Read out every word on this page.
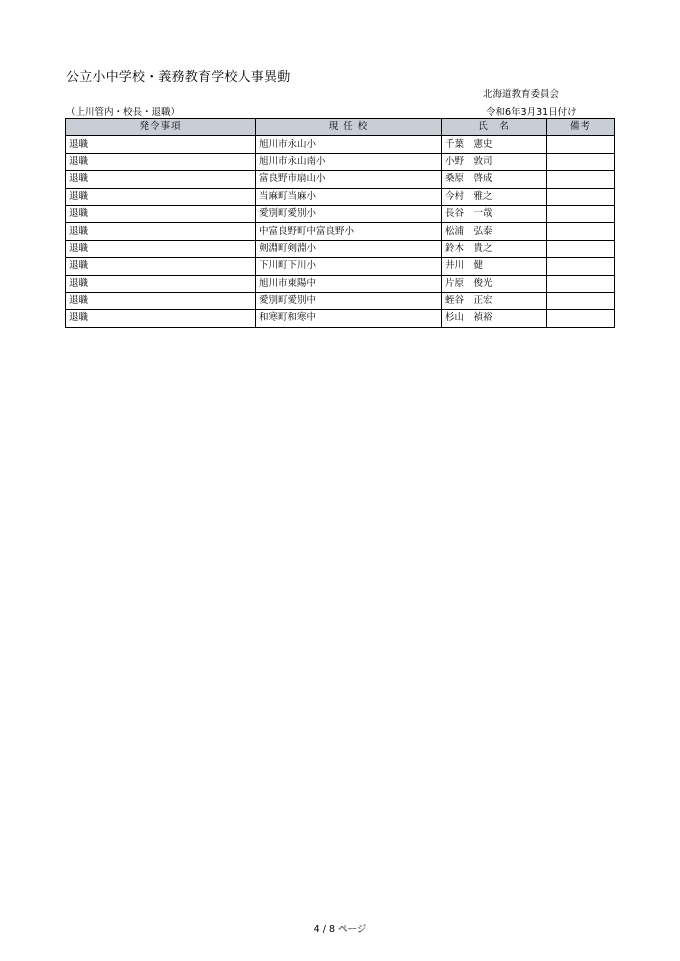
公立小中学校・義務教育学校人事異動
北海道教育委員会
（上川管内・校長・退職）	令和6年3月31日付け
発令事項	現 任 校	氏　名	備考
退職	旭川市永山小	千葉　憲史	
退職	旭川市永山南小	小野　敦司	
退職	富良野市扇山小	桑原　啓成	
退職	当麻町当麻小	今村　雅之	
退職	愛別町愛別小	長谷　一哉	
退職	中富良野町中富良野小	松浦　弘泰	
退職	剣淵町剣淵小	鈴木　貴之	
退職	下川町下川小	井川　健	
退職	旭川市東陽中	片原　俊光	
退職	愛別町愛別中	蛭谷　正宏	
退職	和寒町和寒中	杉山　禎裕	
4 / 8 ページ
